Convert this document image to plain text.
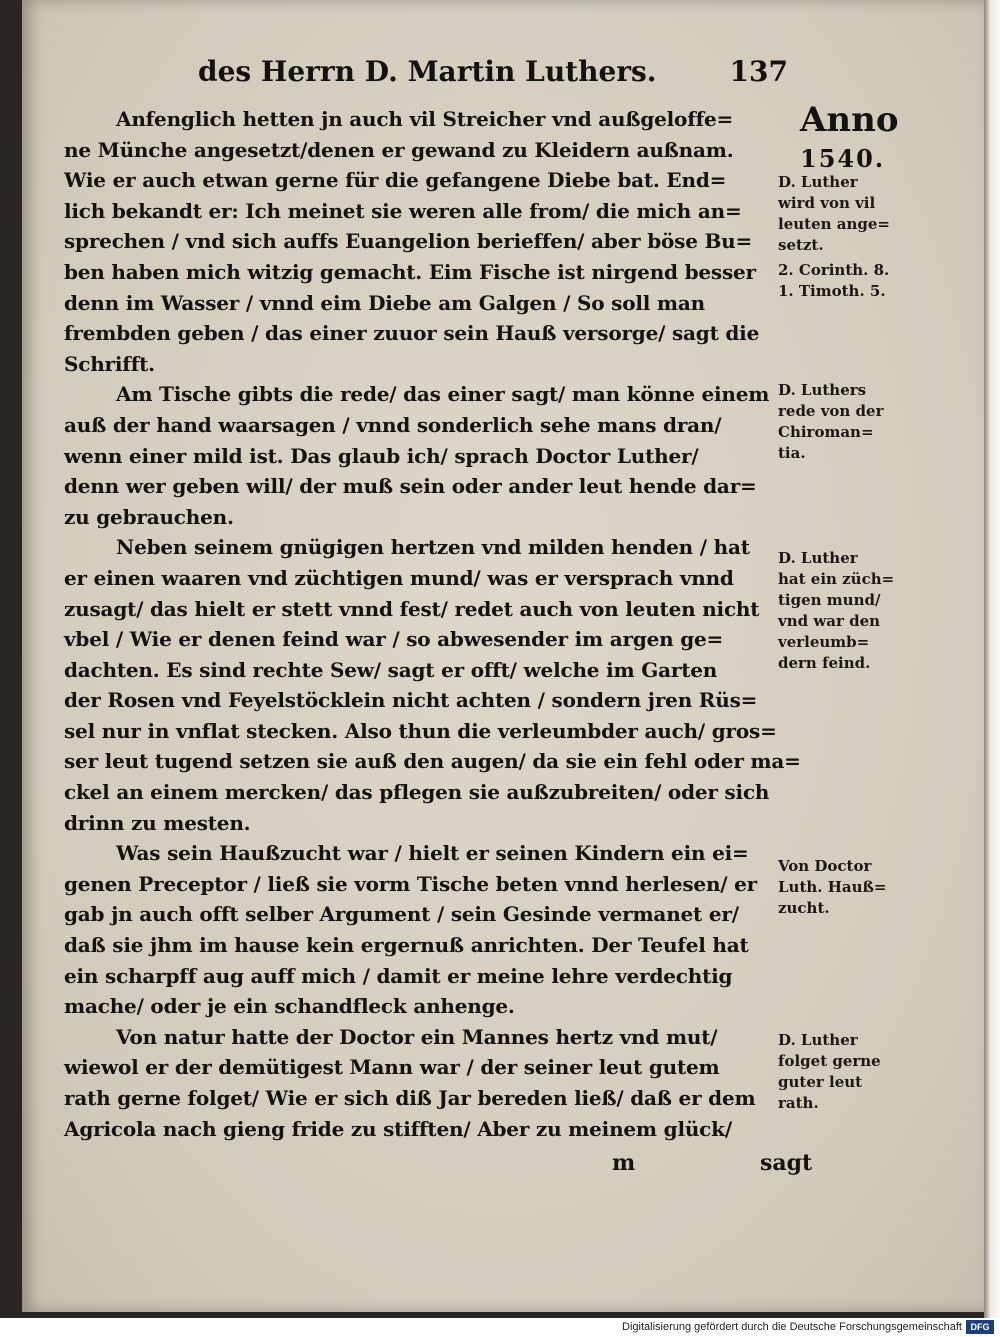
des Herrn D. Martin Luthers.	137
Anno
1540.
Anfenglich hetten jn auch vil Streicher vnd außgeloffe=
ne Münche angesetzt/denen er gewand zu Kleidern außnam.
Wie er auch etwan gerne für die gefangene Diebe bat. End=
lich bekandt er: Ich meinet sie weren alle from/ die mich an=
sprechen / vnd sich auffs Euangelion berieffen/ aber böse Bu=
ben haben mich witzig gemacht. Eim Fische ist nirgend besser
denn im Wasser / vnnd eim Diebe am Galgen / So soll man
frembden geben / das einer zuuor sein Hauß versorge/ sagt die
Schrifft.
Am Tische gibts die rede/ das einer sagt/ man könne einem
auß der hand waarsagen / vnnd sonderlich sehe mans dran/
wenn einer mild ist. Das glaub ich/ sprach Doctor Luther/
denn wer geben will/ der muß sein oder ander leut hende dar=
zu gebrauchen.
Neben seinem gnügigen hertzen vnd milden henden / hat
er einen waaren vnd züchtigen mund/ was er versprach vnnd
zusagt/ das hielt er stett vnnd fest/ redet auch von leuten nicht
vbel / Wie er denen feind war / so abwesender im argen ge=
dachten. Es sind rechte Sew/ sagt er offt/ welche im Garten
der Rosen vnd Feyelstöcklein nicht achten / sondern jren Rüs=
sel nur in vnflat stecken. Also thun die verleumbder auch/ gros=
ser leut tugend setzen sie auß den augen/ da sie ein fehl oder ma=
ckel an einem mercken/ das pflegen sie außzubreiten/ oder sich
drinn zu mesten.
Was sein Haußzucht war / hielt er seinen Kindern ein ei=
genen Preceptor / ließ sie vorm Tische beten vnnd herlesen/ er
gab jn auch offt selber Argument / sein Gesinde vermanet er/
daß sie jhm im hause kein ergernuß anrichten. Der Teufel hat
ein scharpff aug auff mich / damit er meine lehre verdechtig
mache/ oder je ein schandfleck anhenge.
Von natur hatte der Doctor ein Mannes hertz vnd mut/
wiewol er der demütigest Mann war / der seiner leut gutem
rath gerne folget/ Wie er sich diß Jar bereden ließ/ daß er dem
Agricola nach gieng fride zu stifften/ Aber zu meinem glück/
D. Luther
wird von vil
leuten ange=
setzt.
2. Corinth. 8.
1. Timoth. 5.
D. Luthers
rede von der
Chiroman=
tia.
D. Luther
hat ein züch=
tigen mund/
vnd war den
verleumb=
dern feind.
Von Doctor
Luth. Hauß=
zucht.
D. Luther
folget gerne
guter leut
rath.
m	sagt
Digitalisierung gefördert durch die Deutsche Forschungsgemeinschaft DFG
